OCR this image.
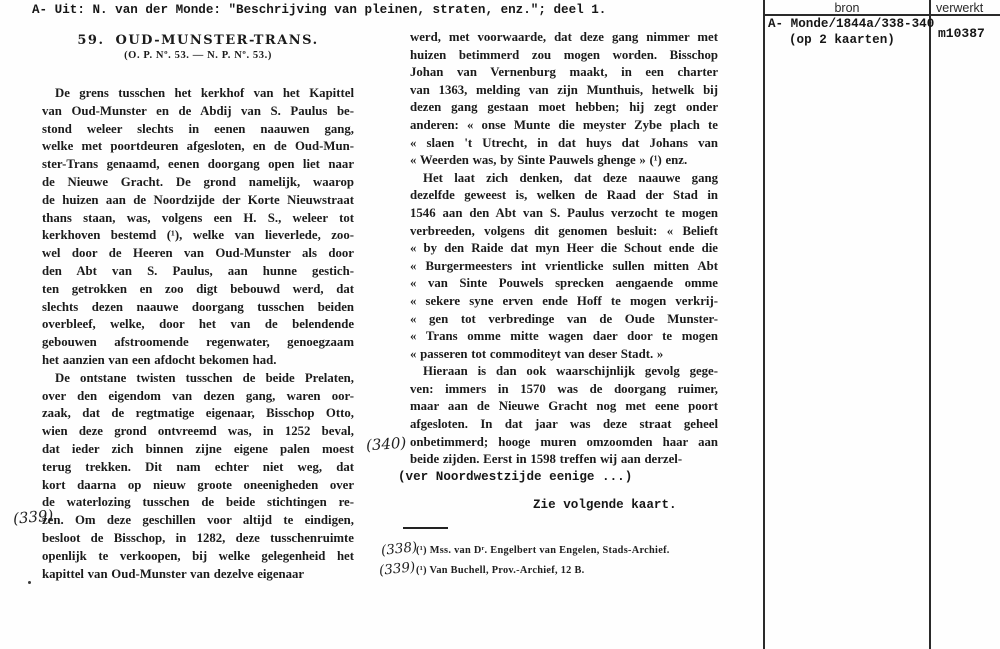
A- Uit: N. van der Monde: "Beschrijving van pleinen, straten, enz."; deel 1.
59. OUD-MUNSTER-TRANS.
(O. P. Nº. 53. — N. P. Nº. 53.)
De grens tusschen het kerkhof van het Kapittel
van Oud-Munster en de Abdij van S. Paulus be-
stond weleer slechts in eenen naauwen gang,
welke met poortdeuren afgesloten, en de Oud-Mun-
ster-Trans genaamd, eenen doorgang open liet naar
de Nieuwe Gracht. De grond namelijk, waarop
de huizen aan de Noordzijde der Korte Nieuwstraat
thans staan, was, volgens een H. S., weleer tot
kerkhoven bestemd (¹), welke van lieverlede, zoo-
wel door de Heeren van Oud-Munster als door
den Abt van S. Paulus, aan hunne gestich-
ten getrokken en zoo digt bebouwd werd, dat
slechts dezen naauwe doorgang tusschen beiden
overbleef, welke, door het van de belendende
gebouwen afstroomende regenwater, genoegzaam
het aanzien van een afdocht bekomen had.
De ontstane twisten tusschen de beide Prelaten,
over den eigendom van dezen gang, waren oor-
zaak, dat de regtmatige eigenaar, Bisschop Otto,
wien deze grond ontvreemd was, in 1252 beval,
dat ieder zich binnen zijne eigene palen moest
terug trekken. Dit nam echter niet weg, dat
kort daarna op nieuw groote oneenigheden over
de waterlozing tusschen de beide stichtingen re-
zen. Om deze geschillen voor altijd te eindigen,
besloot de Bisschop, in 1282, deze tusschenruimte
openlijk te verkoopen, bij welke gelegenheid het
kapittel van Oud-Munster van dezelve eigenaar
werd, met voorwaarde, dat deze gang nimmer met
huizen betimmerd zou mogen worden. Bisschop
Johan van Vernenburg maakt, in een charter
van 1363, melding van zijn Munthuis, hetwelk bij
dezen gang gestaan moet hebben; hij zegt onder
anderen: « onse Munte die meyster Zybe plach te
« slaen 't Utrecht, in dat huys dat Johans van
« Weerden was, by Sinte Pauwels ghenge » (¹) enz.
Het laat zich denken, dat deze naauwe gang
dezelfde geweest is, welken de Raad der Stad in
1546 aan den Abt van S. Paulus verzocht te mogen
verbreeden, volgens dit genomen besluit: « Belieft
« by den Raide dat myn Heer die Schout ende die
« Burgermeesters int vrientlicke sullen mitten Abt
« van Sinte Pouwels sprecken aengaende omme
« sekere syne erven ende Hoff te mogen verkrij-
« gen tot verbredinge van de Oude Munster-
« Trans omme mitte wagen daer door te mogen
« passeren tot commoditeyt van deser Stadt. »
Hieraan is dan ook waarschijnlijk gevolg gege-
ven: immers in 1570 was de doorgang ruimer,
maar aan de Nieuwe Gracht nog met eene poort
afgesloten. In dat jaar was deze straat geheel
onbetimmerd; hooge muren omzoomden haar aan
beide zijden. Eerst in 1598 treffen wij aan derzel-
(ver Noordwestzijde eenige ...)
Zie volgende kaart.
(339)
(340)
(338)
(¹) Mss. van Dʳ. Engelbert van Engelen, Stads-Archief.
(339) (¹) Van Buchell, Prov.-Archief, 12 B.
bron	verwerkt
A- Monde/1844a/338-340
(op 2 kaarten)	m10387
